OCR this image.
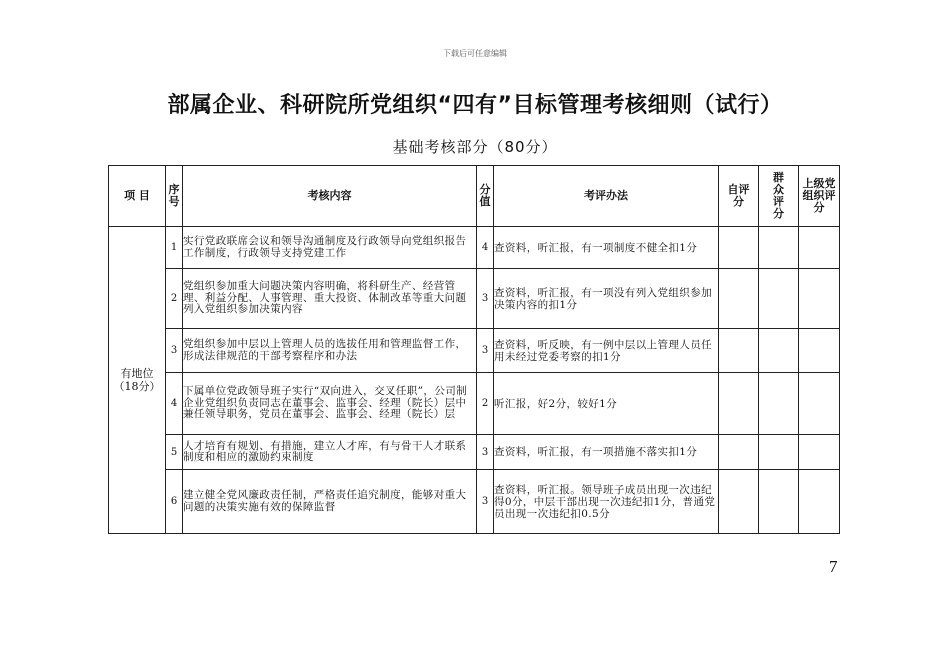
下载后可任意编辑
部属企业、科研院所党组织“四有”目标管理考核细则（试行）
基础考核部分（80分）
项 目	序号	考核内容	分值	考评办法	自评分	群众评分	上级党组织评分
有地位（18分）	1	实行党政联席会议和领导沟通制度及行政领导向党组织报告工作制度，行政领导支持党建工作	4	查资料，听汇报，有一项制度不健全扣1分			
	2	党组织参加重大问题决策内容明确，将科研生产、经营管理、利益分配、人事管理、重大投资、体制改革等重大问题列入党组织参加决策内容	3	查资料，听汇报，有一项没有列入党组织参加决策内容的扣1分			
	3	党组织参加中层以上管理人员的选拔任用和管理监督工作，形成法律规范的干部考察程序和办法	3	查资料，听反映，有一例中层以上管理人员任用未经过党委考察的扣1分			
	4	下属单位党政领导班子实行“双向进入，交叉任职”，公司制企业党组织负责同志在董事会、监事会、经理（院长）层中兼任领导职务，党员在董事会、监事会、经理（院长）层	2	听汇报，好2分，较好1分			
	5	人才培育有规划、有措施，建立人才库，有与骨干人才联系制度和相应的激励约束制度	3	查资料，听汇报，有一项措施不落实扣1分			
	6	建立健全党风廉政责任制，严格责任追究制度，能够对重大问题的决策实施有效的保障监督	3	查资料，听汇报。领导班子成员出现一次违纪得0分，中层干部出现一次违纪扣1分，普通党员出现一次违纪扣0.5分			
7
